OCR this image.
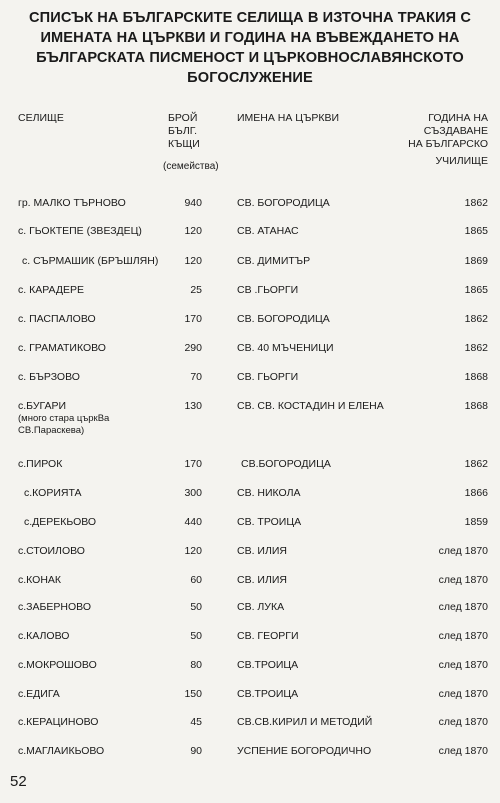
СПИСЪК НА БЪЛГАРСКИТЕ СЕЛИЩА В ИЗТОЧНА ТРАКИЯ С
ИМЕНАТА НА ЦЪРКВИ И ГОДИНА НА ВЪВЕЖДАНЕТО НА
БЪЛГАРСКАТА ПИСМЕНОСТ И ЦЪРКОВНОСЛАВЯНСКОТО
БОГОСЛУЖЕНИЕ
СЕЛИЩЕ	БРОЙ
БЪЛГ.
КЪЩИ
(семейства)
ИМЕНА НА ЦЪРКВИ	ГОДИНА НА
СЪЗДАВАНЕ
НА БЪЛГАРСКО
УЧИЛИЩЕ
гр. МАЛКО ТЪРНОВО	940	СВ. БОГОРОДИЦА	1862
с. ГЬОКТЕПЕ (ЗВЕЗДЕЦ)	120	СВ. АТАНАС	1865
с. СЪРМАШИК (БРЪШЛЯН) 120	СВ. ДИМИТЪР	1869
с. КАРАДЕРЕ	25	СВ .ГЬОРГИ	1865
с. ПАСПАЛОВО	170	СВ. БОГОРОДИЦА	1862
с. ГРАМАТИКОВО	290	СВ. 40 МЪЧЕНИЦИ	1862
с. БЪРЗОВО	70	СВ. ГЬОРГИ	1868
с.БУГАРИ
(много стара църкВа СВ.Параскева)
130	СВ. СВ. КОСТАДИН И ЕЛЕНА	1868
с.ПИРОК	170	СВ.БОГОРОДИЦА	1862
с.КОРИЯТА	300	СВ. НИКОЛА	1866
с.ДЕРЕКЬОВО	440	СВ. ТРОИЦА	1859
с.СТОИЛОВО	120	СВ. ИЛИЯ	след 1870
с.КОНАК	60	СВ. ИЛИЯ	след 1870
с.ЗАБЕРНОВО	50	СВ. ЛУКА	след 1870
с.КАЛОВО	50	СВ. ГЕОРГИ	след 1870
с.МОКРОШОВО	80	СВ.ТРОИЦА	след 1870
с.ЕДИГА	150	СВ.ТРОИЦА	след 1870
с.КЕРАЦИНОВО	45	СВ.СВ.КИРИЛ И МЕТОДИЙ	след 1870
с.МАГЛАИКЬОВО	90	УСПЕНИЕ БОГОРОДИЧНО	след 1870
52
